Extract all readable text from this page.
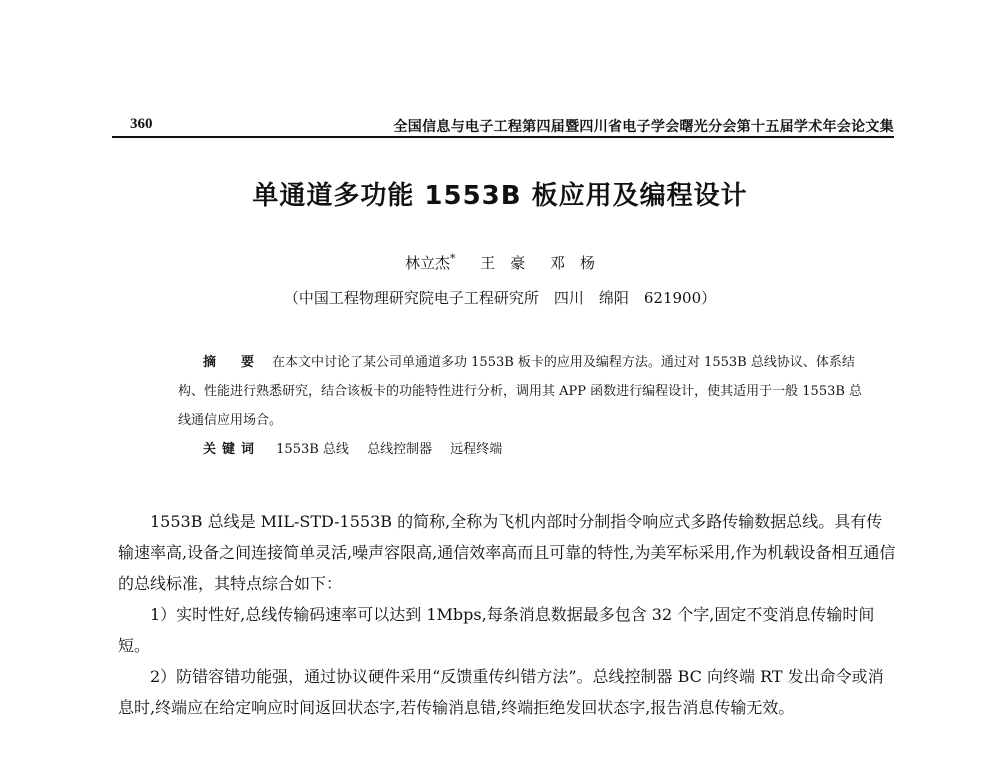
360	全国信息与电子工程第四届暨四川省电子学会曙光分会第十五届学术年会论文集
单通道多功能 1553B 板应用及编程设计
林立杰* 王　豪 邓　杨
（中国工程物理研究院电子工程研究所　四川　绵阳　621900）

摘　要 在本文中讨论了某公司单通道多功 1553B 板卡的应用及编程方法。通过对 1553B 总线协议、体系结构、性能进行熟悉研究，结合该板卡的功能特性进行分析，调用其 APP 函数进行编程设计，使其适用于一般 1553B 总线通信应用场合。

关键词 1553B 总线 总线控制器 远程终端

1553B 总线是 MIL-STD-1553B 的简称,全称为飞机内部时分制指令响应式多路传输数据总线。具有传输速率高,设备之间连接简单灵活,噪声容限高,通信效率高而且可靠的特性,为美军标采用,作为机载设备相互通信的总线标准，其特点综合如下：

1）实时性好,总线传输码速率可以达到 1Mbps,每条消息数据最多包含 32 个字,固定不变消息传输时间短。

2）防错容错功能强，通过协议硬件采用“反馈重传纠错方法”。总线控制器 BC 向终端 RT 发出命令或消息时,终端应在给定响应时间返回状态字,若传输消息错,终端拒绝发回状态字,报告消息传输无效。
